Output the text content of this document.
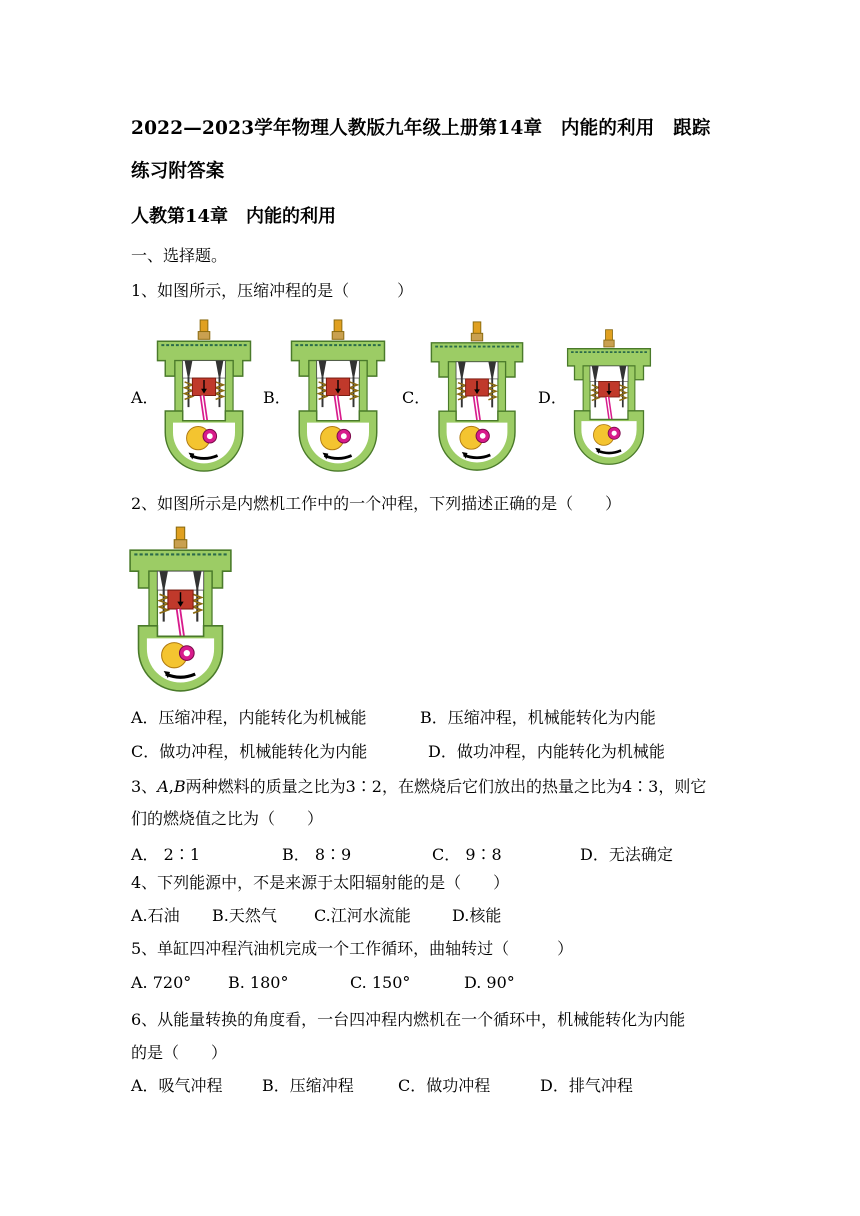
2022—2023学年物理人教版九年级上册第14章　内能的利用　跟踪
练习附答案
人教第14章　内能的利用
一、选择题。
1、如图所示，压缩冲程的是（　　　）
A．	B．	C．	D．
2、如图所示是内燃机工作中的一个冲程，下列描述正确的是（　　）
A．压缩冲程，内能转化为机械能	B．压缩冲程，机械能转化为内能
C．做功冲程，机械能转化为内能	D．做功冲程，内能转化为机械能
3、A,B两种燃料的质量之比为3∶2，在燃烧后它们放出的热量之比为4∶3，则它
们的燃烧值之比为（　　）
A． 2∶1	B． 8∶9	C． 9∶8	D．无法确定
4、下列能源中，不是来源于太阳辐射能的是（　　）
A.石油 B.天然气 C.江河水流能	D.核能
5、单缸四冲程汽油机完成一个工作循环，曲轴转过（　　　）
A. 720° B. 180°	C. 150°	D. 90°
6、从能量转换的角度看，一台四冲程内燃机在一个循环中，机械能转化为内能
的是（　　）
A．吸气冲程 B．压缩冲程	C．做功冲程	D．排气冲程
